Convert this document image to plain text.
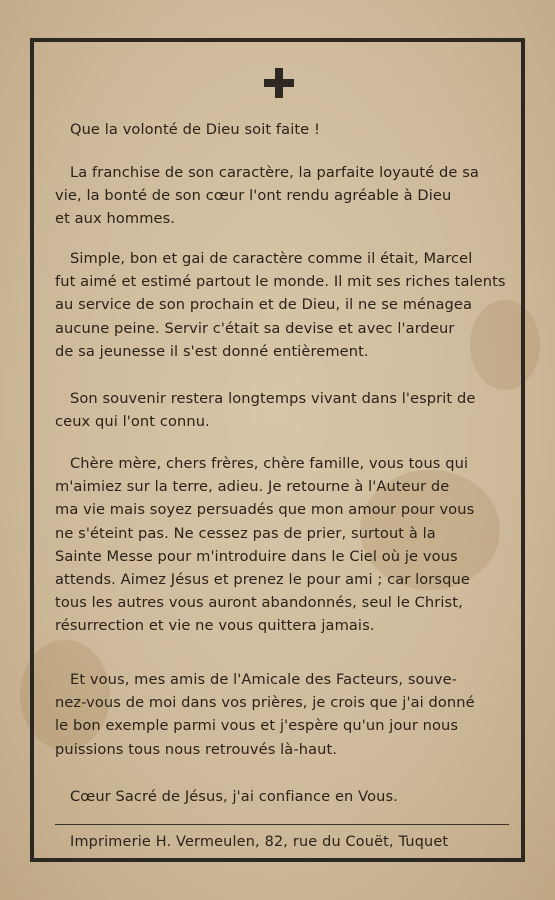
Que la volonté de Dieu soit faite !
La franchise de son caractère, la parfaite loyauté de sa
vie, la bonté de son cœur l'ont rendu agréable à Dieu
et aux hommes.
Simple, bon et gai de caractère comme il était, Marcel
fut aimé et estimé partout le monde. Il mit ses riches talents
au service de son prochain et de Dieu, il ne se ménagea
aucune peine. Servir c'était sa devise et avec l'ardeur
de sa jeunesse il s'est donné entièrement.
Son souvenir restera longtemps vivant dans l'esprit de
ceux qui l'ont connu.
Chère mère, chers frères, chère famille, vous tous qui
m'aimiez sur la terre, adieu. Je retourne à l'Auteur de
ma vie mais soyez persuadés que mon amour pour vous
ne s'éteint pas. Ne cessez pas de prier, surtout à la
Sainte Messe pour m'introduire dans le Ciel où je vous
attends. Aimez Jésus et prenez le pour ami ; car lorsque
tous les autres vous auront abandonnés, seul le Christ,
résurrection et vie ne vous quittera jamais.
Et vous, mes amis de l'Amicale des Facteurs, souve-
nez-vous de moi dans vos prières, je crois que j'ai donné
le bon exemple parmi vous et j'espère qu'un jour nous
puissions tous nous retrouvés là-haut.
Cœur Sacré de Jésus, j'ai confiance en Vous.
Imprimerie H. Vermeulen, 82, rue du Couët, Tuquet
